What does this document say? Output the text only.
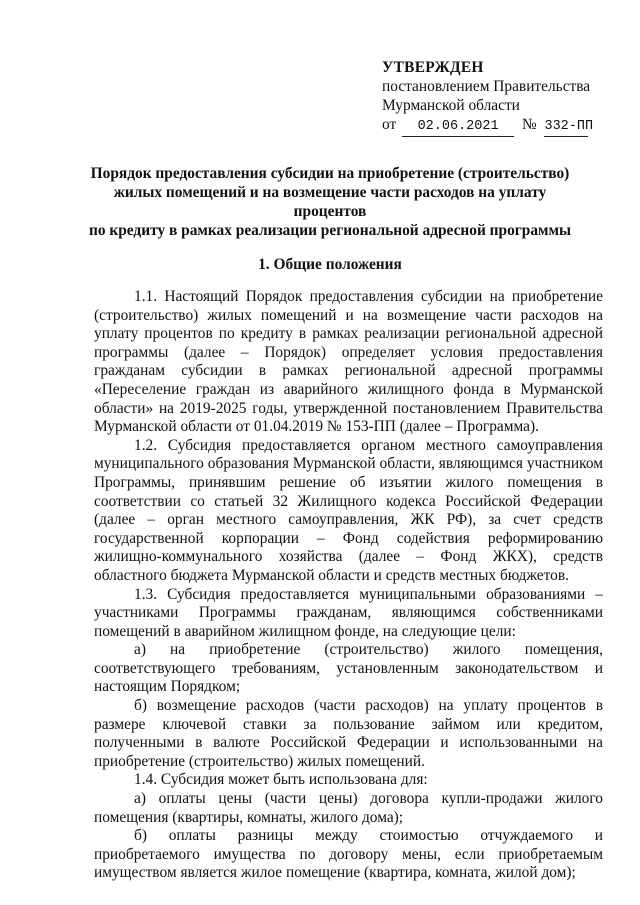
УТВЕРЖДЕН
постановлением Правительства
Мурманской области
от 02.06.2021 № 332-ПП
Порядок предоставления субсидии на приобретение (строительство)
жилых помещений и на возмещение части расходов на уплату процентов
по кредиту в рамках реализации региональной адресной программы
1. Общие положения

1.1. Настоящий Порядок предоставления субсидии на приобретение (строительство) жилых помещений и на возмещение части расходов на уплату процентов по кредиту в рамках реализации региональной адресной программы (далее – Порядок) определяет условия предоставления гражданам субсидии в рамках региональной адресной программы «Переселение граждан из аварийного жилищного фонда в Мурманской области» на 2019-2025 годы, утвержденной постановлением Правительства Мурманской области от 01.04.2019 № 153-ПП (далее – Программа).

1.2. Субсидия предоставляется органом местного самоуправления муниципального образования Мурманской области, являющимся участником Программы, принявшим решение об изъятии жилого помещения в соответствии со статьей 32 Жилищного кодекса Российской Федерации (далее – орган местного самоуправления, ЖК РФ), за счет средств государственной корпорации – Фонд содействия реформированию жилищно-коммунального хозяйства (далее – Фонд ЖКХ), средств областного бюджета Мурманской области и средств местных бюджетов.

1.3. Субсидия предоставляется муниципальными образованиями – участниками Программы гражданам, являющимся собственниками помещений в аварийном жилищном фонде, на следующие цели:

а) на приобретение (строительство) жилого помещения, соответствующего требованиям, установленным законодательством и настоящим Порядком;

б) возмещение расходов (части расходов) на уплату процентов в размере ключевой ставки за пользование займом или кредитом, полученными в валюте Российской Федерации и использованными на приобретение (строительство) жилых помещений.

1.4. Субсидия может быть использована для:

а) оплаты цены (части цены) договора купли-продажи жилого помещения (квартиры, комнаты, жилого дома);

б) оплаты разницы между стоимостью отчуждаемого и приобретаемого имущества по договору мены, если приобретаемым имуществом является жилое помещение (квартира, комната, жилой дом);
